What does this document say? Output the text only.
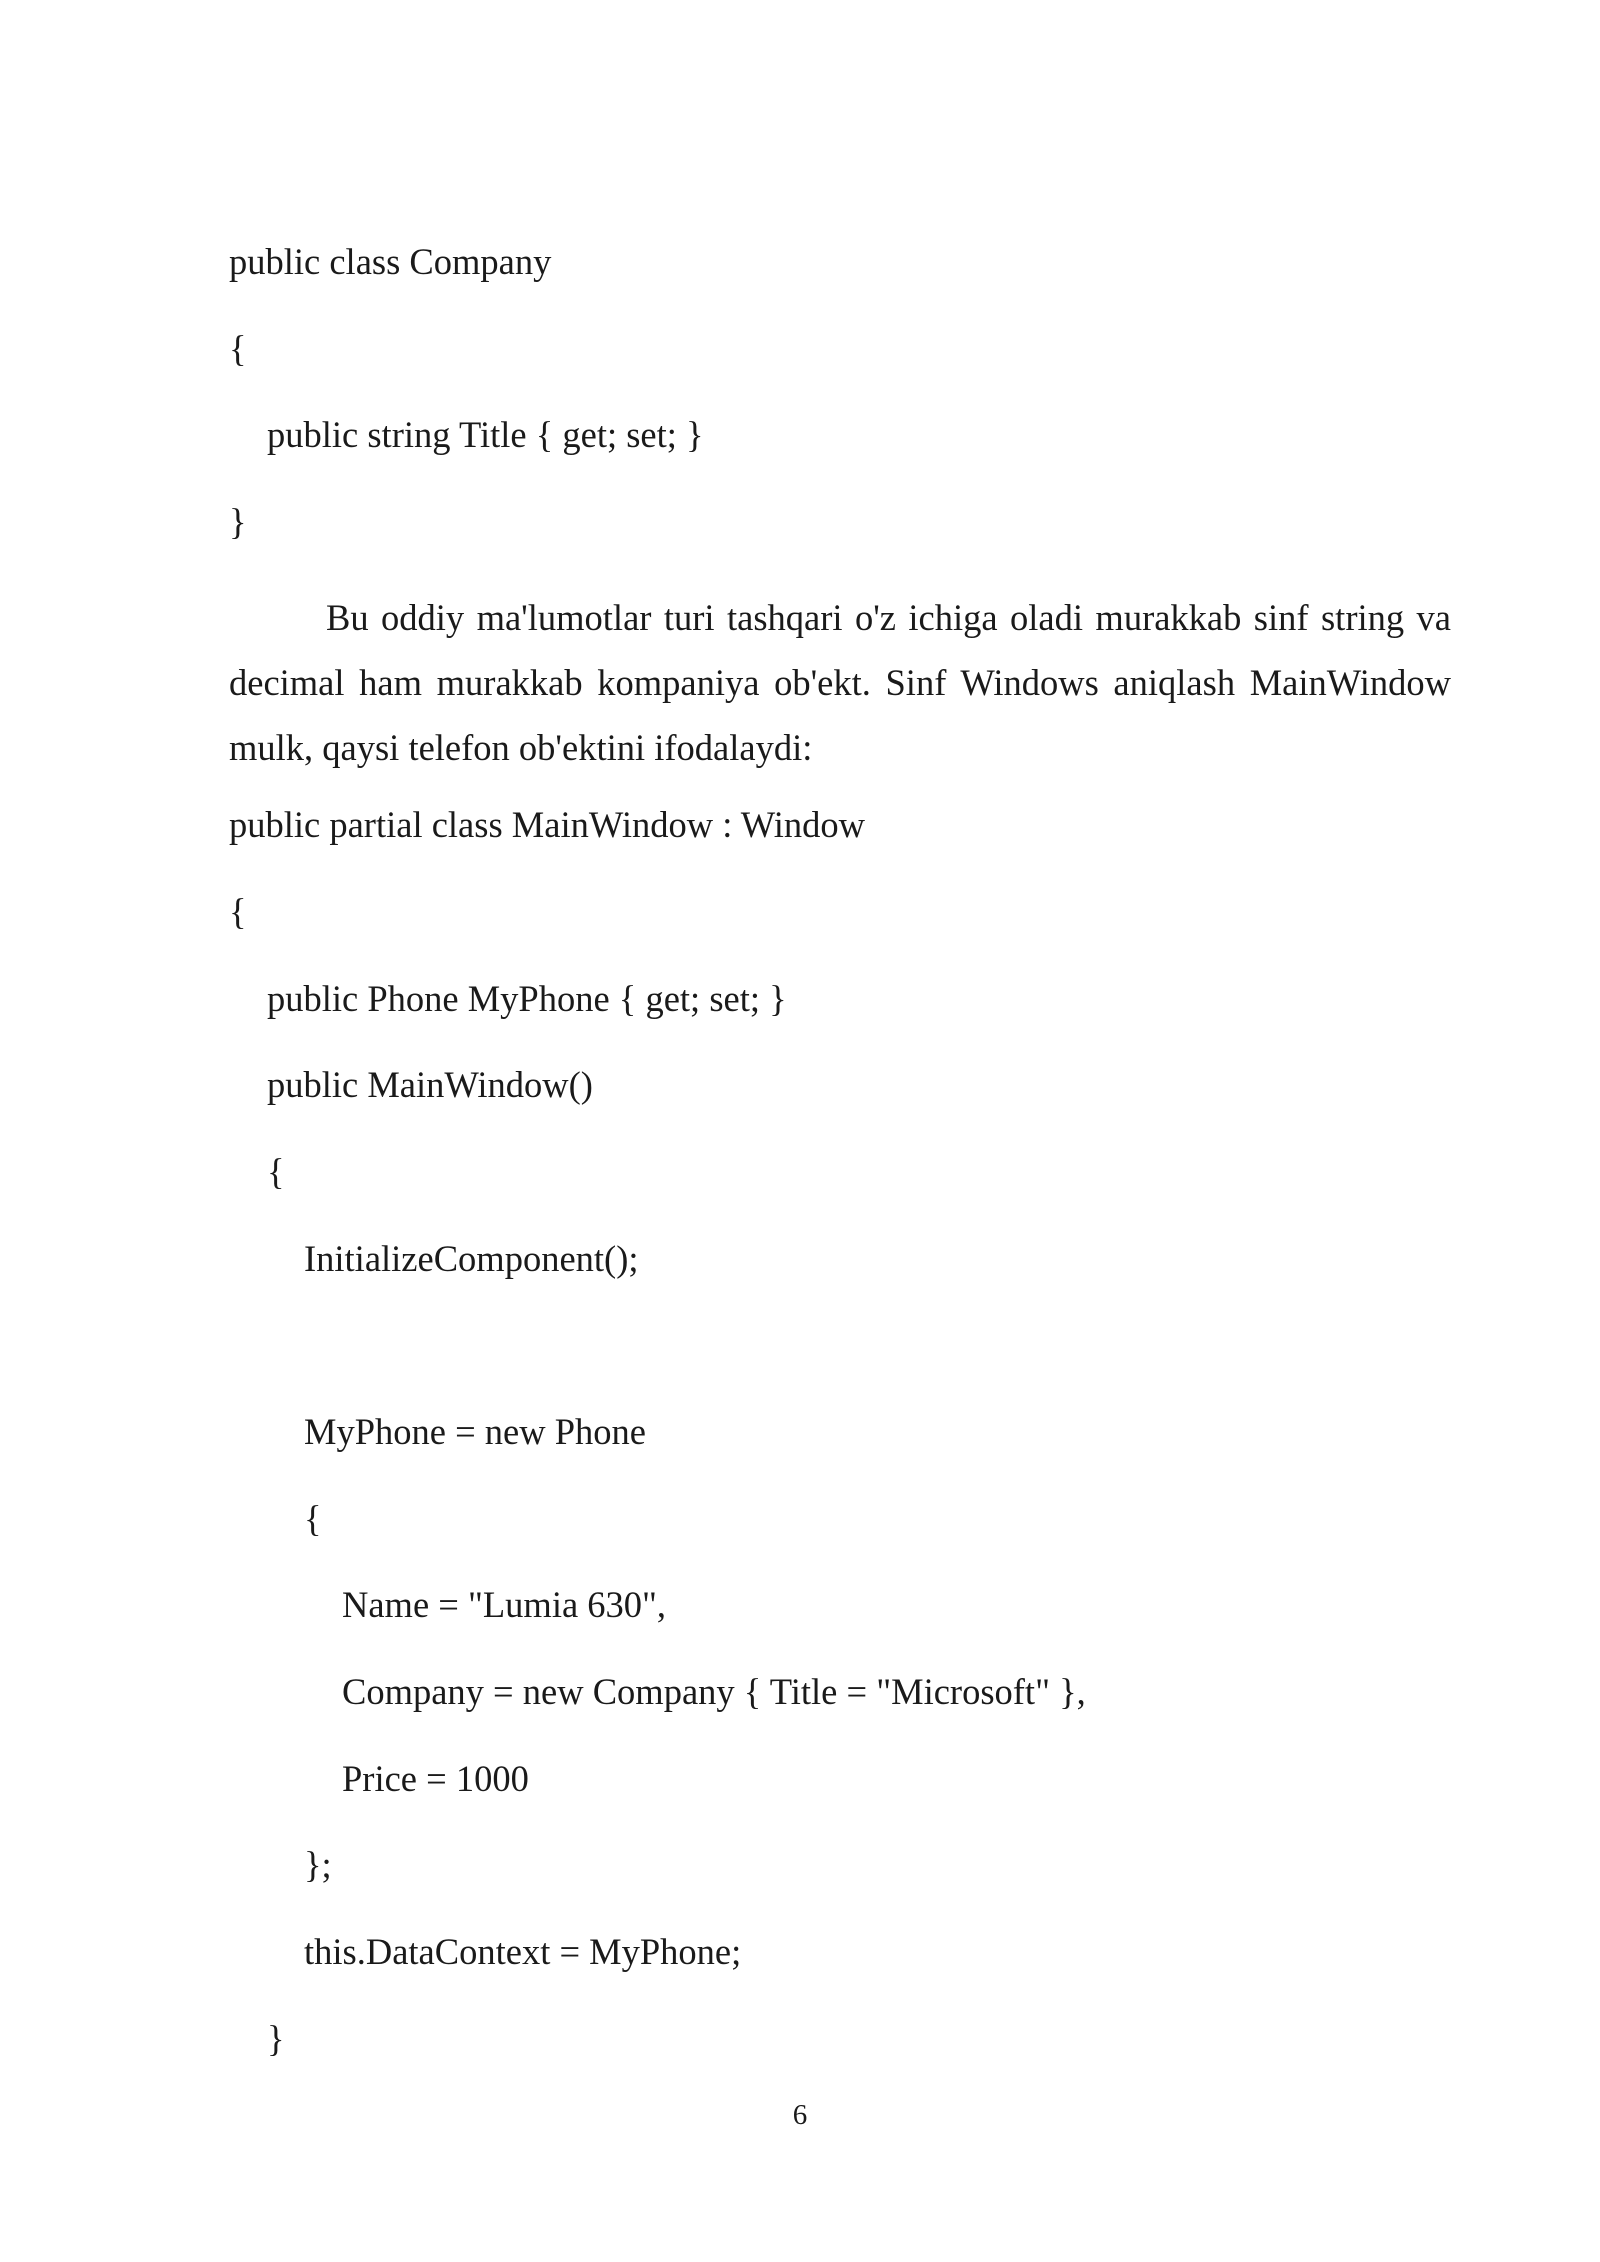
public class Company
{
public string Title { get; set; }
}
Bu oddiy ma'lumotlar turi tashqari o'z ichiga oladi murakkab sinf string va decimal ham murakkab kompaniya ob'ekt. Sinf Windows aniqlash MainWindow mulk, qaysi telefon ob'ektini ifodalaydi:
public partial class MainWindow : Window
{
public Phone MyPhone { get; set; }
public MainWindow()
{
InitializeComponent();
MyPhone = new Phone
{
Name = "Lumia 630",
Company = new Company { Title = "Microsoft" },
Price = 1000
};
this.DataContext = MyPhone;
}
6
